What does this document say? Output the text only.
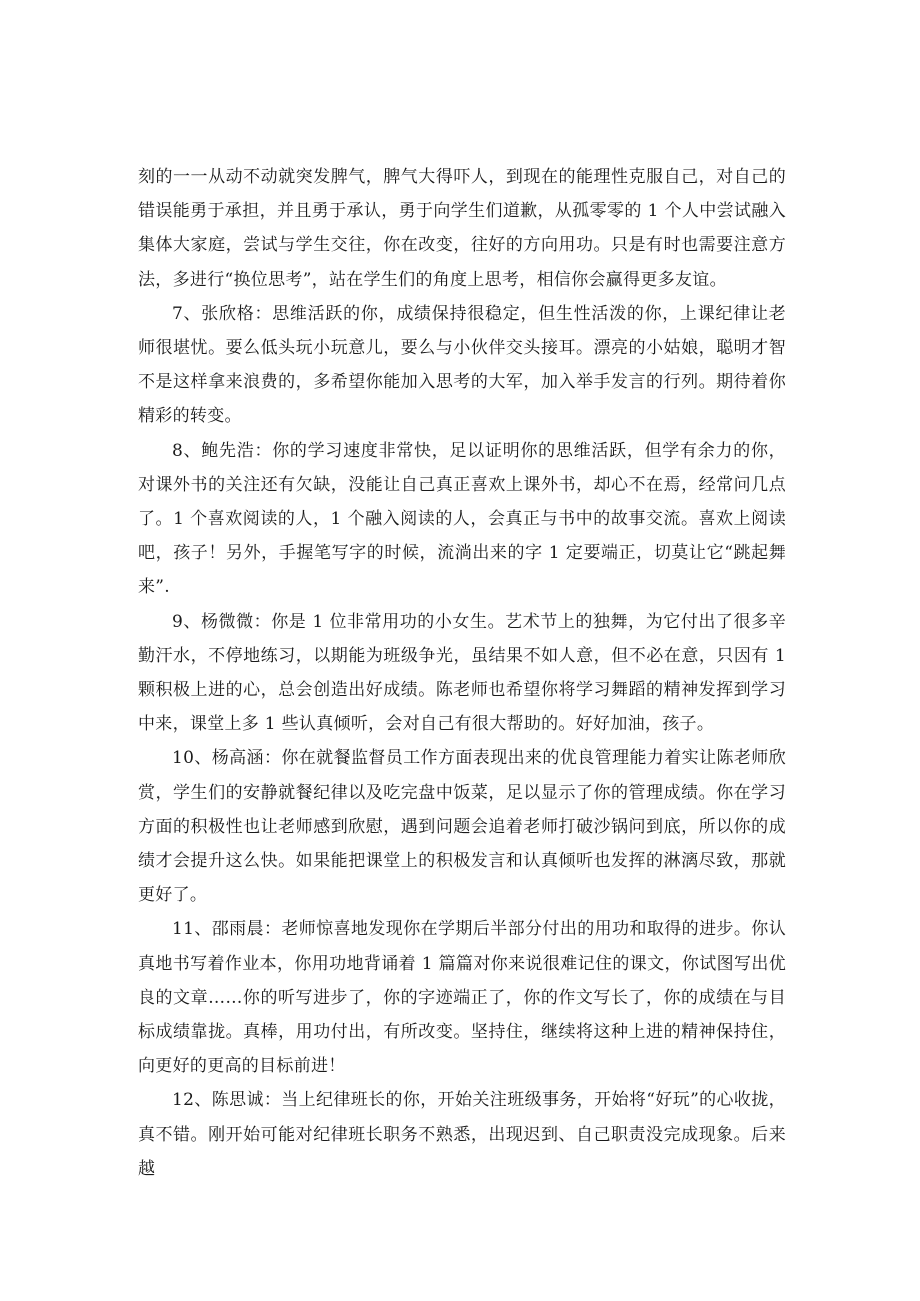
刻的一一从动不动就突发脾气，脾气大得吓人，到现在的能理性克服自己，对自己的错误能勇于承担，并且勇于承认，勇于向学生们道歉，从孤零零的 1 个人中尝试融入集体大家庭，尝试与学生交往，你在改变，往好的方向用功。只是有时也需要注意方法，多进行“换位思考”，站在学生们的角度上思考，相信你会赢得更多友谊。

7、张欣格：思维活跃的你，成绩保持很稳定，但生性活泼的你，上课纪律让老师很堪忧。要么低头玩小玩意儿，要么与小伙伴交头接耳。漂亮的小姑娘，聪明才智不是这样拿来浪费的，多希望你能加入思考的大军，加入举手发言的行列。期待着你精彩的转变。

8、鲍先浩：你的学习速度非常快，足以证明你的思维活跃，但学有余力的你，对课外书的关注还有欠缺，没能让自己真正喜欢上课外书，却心不在焉，经常问几点了。1 个喜欢阅读的人，1 个融入阅读的人，会真正与书中的故事交流。喜欢上阅读吧，孩子！另外，手握笔写字的时候，流淌出来的字 1 定要端正，切莫让它“跳起舞来”.

9、杨微微：你是 1 位非常用功的小女生。艺术节上的独舞，为它付出了很多辛勤汗水，不停地练习，以期能为班级争光，虽结果不如人意，但不必在意，只因有 1 颗积极上进的心，总会创造出好成绩。陈老师也希望你将学习舞蹈的精神发挥到学习中来，课堂上多 1 些认真倾听，会对自己有很大帮助的。好好加油，孩子。

10、杨高涵：你在就餐监督员工作方面表现出来的优良管理能力着实让陈老师欣赏，学生们的安静就餐纪律以及吃完盘中饭菜，足以显示了你的管理成绩。你在学习方面的积极性也让老师感到欣慰，遇到问题会追着老师打破沙锅问到底，所以你的成绩才会提升这么快。如果能把课堂上的积极发言和认真倾听也发挥的淋漓尽致，那就更好了。

11、邵雨晨：老师惊喜地发现你在学期后半部分付出的用功和取得的进步。你认真地书写着作业本，你用功地背诵着 1 篇篇对你来说很难记住的课文，你试图写出优良的文章……你的听写进步了，你的字迹端正了，你的作文写长了，你的成绩在与目标成绩靠拢。真棒，用功付出，有所改变。坚持住，继续将这种上进的精神保持住，向更好的更高的目标前进！

12、陈思诚：当上纪律班长的你，开始关注班级事务，开始将“好玩”的心收拢，真不错。刚开始可能对纪律班长职务不熟悉，出现迟到、自己职责没完成现象。后来越
